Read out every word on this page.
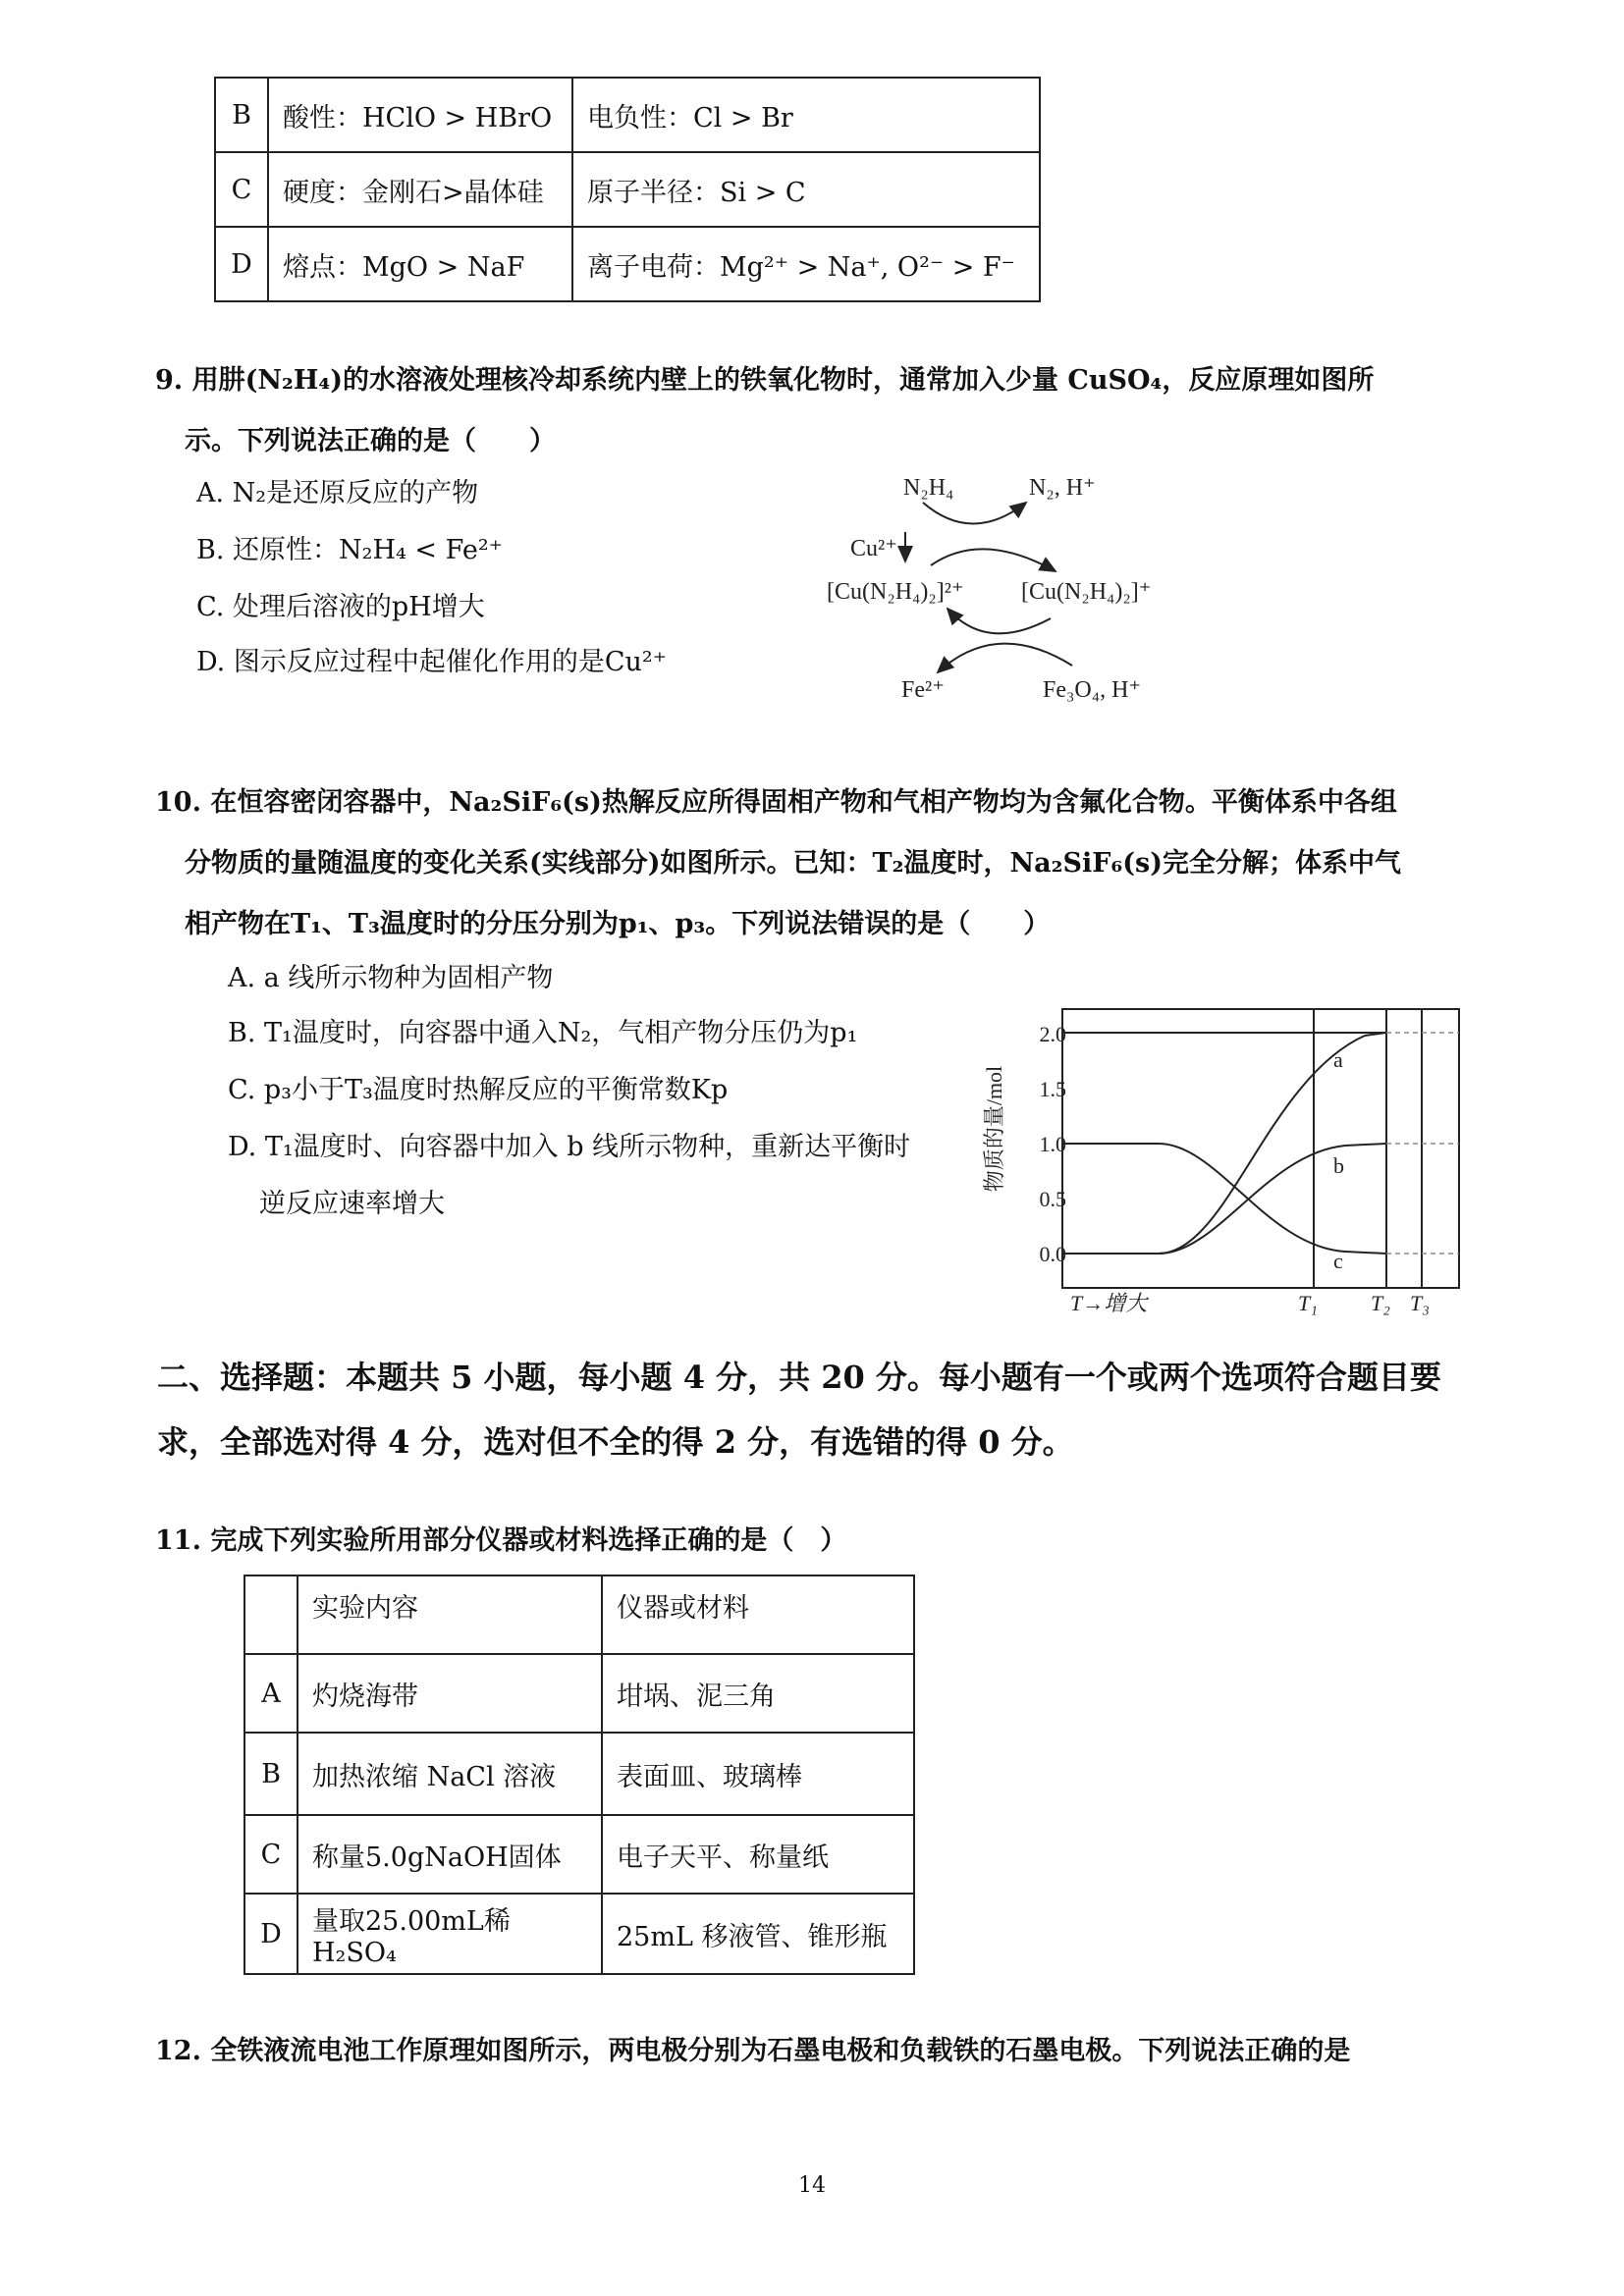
B	酸性：HClO > HBrO	电负性：Cl > Br
C	硬度：金刚石>晶体硅	原子半径：Si > C
D	熔点：MgO > NaF	离子电荷：Mg²⁺ > Na⁺, O²⁻ > F⁻
9. 用肼(N₂H₄)的水溶液处理核冷却系统内壁上的铁氧化物时，通常加入少量 CuSO₄，反应原理如图所
示。下列说法正确的是（　　）
A. N₂是还原反应的产物
B. 还原性：N₂H₄ < Fe²⁺
C. 处理后溶液的pH增大
D. 图示反应过程中起催化作用的是Cu²⁺
N₂H₄	N₂, H⁺
Cu²⁺
[Cu(N₂H₄)₂]²⁺ [Cu(N₂H₄)₂]⁺
Fe²⁺	Fe₃O₄, H⁺
10. 在恒容密闭容器中，Na₂SiF₆(s)热解反应所得固相产物和气相产物均为含氟化合物。平衡体系中各组
分物质的量随温度的变化关系(实线部分)如图所示。已知：T₂温度时，Na₂SiF₆(s)完全分解；体系中气
相产物在T₁、T₃温度时的分压分别为p₁、p₃。下列说法错误的是（　　）
A. a 线所示物种为固相产物
B. T₁温度时，向容器中通入N₂，气相产物分压仍为p₁
C. p₃小于T₃温度时热解反应的平衡常数Kp
D. T₁温度时、向容器中加入 b 线所示物种，重新达平衡时
逆反应速率增大
物质的量/mol
2.0
1.5
1.0
0.5
0.0
T→增大	T₁ T₂ T₃
a
b
c
二、选择题：本题共 5 小题，每小题 4 分，共 20 分。每小题有一个或两个选项符合题目要
求，全部选对得 4 分，选对但不全的得 2 分，有选错的得 0 分。
11. 完成下列实验所用部分仪器或材料选择正确的是（　）
	实验内容	仪器或材料
A	灼烧海带	坩埚、泥三角
B	加热浓缩 NaCl 溶液	表面皿、玻璃棒
C	称量5.0gNaOH固体	电子天平、称量纸
D	量取25.00mL稀 H₂SO₄	25mL 移液管、锥形瓶
12. 全铁液流电池工作原理如图所示，两电极分别为石墨电极和负载铁的石墨电极。下列说法正确的是
14
